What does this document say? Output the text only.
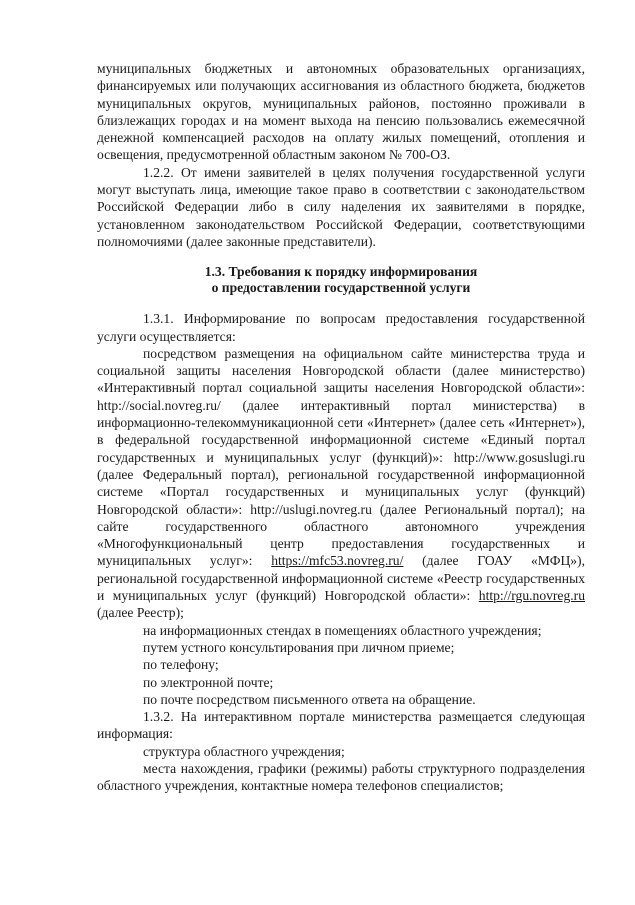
муниципальных бюджетных и автономных образовательных организациях, финансируемых или получающих ассигнования из областного бюджета, бюджетов муниципальных округов, муниципальных районов, постоянно проживали в близлежащих городах и на момент выхода на пенсию пользовались ежемесячной денежной компенсацией расходов на оплату жилых помещений, отопления и освещения, предусмотренной областным законом № 700-ОЗ.

1.2.2. От имени заявителей в целях получения государственной услуги могут выступать лица, имеющие такое право в соответствии с законодательством Российской Федерации либо в силу наделения их заявителями в порядке, установленном законодательством Российской Федерации, соответствующими полномочиями (далее законные представители).

1.3. Требования к порядку информирования
о предоставлении государственной услуги

1.3.1. Информирование по вопросам предоставления государственной услуги осуществляется:

посредством размещения на официальном сайте министерства труда и социальной защиты населения Новгородской области (далее министерство) «Интерактивный портал социальной защиты населения Новгородской области»: http://social.novreg.ru/ (далее интерактивный портал министерства) в информационно-телекоммуникационной сети «Интернет» (далее сеть «Интернет»), в федеральной государственной информационной системе «Единый портал государственных и муниципальных услуг (функций)»: http://www.gosuslugi.ru (далее Федеральный портал), региональной государственной информационной системе «Портал государственных и муниципальных услуг (функций) Новгородской области»: http://uslugi.novreg.ru (далее Региональный портал); на сайте государственного областного автономного учреждения «Многофункциональный центр предоставления государственных и муниципальных услуг»: https://mfc53.novreg.ru/ (далее ГОАУ «МФЦ»), региональной государственной информационной системе «Реестр государственных и муниципальных услуг (функций) Новгородской области»: http://rgu.novreg.ru (далее Реестр);

на информационных стендах в помещениях областного учреждения;

путем устного консультирования при личном приеме;

по телефону;

по электронной почте;

по почте посредством письменного ответа на обращение.

1.3.2. На интерактивном портале министерства размещается следующая информация:

структура областного учреждения;

места нахождения, графики (режимы) работы структурного подразделения областного учреждения, контактные номера телефонов специалистов;
